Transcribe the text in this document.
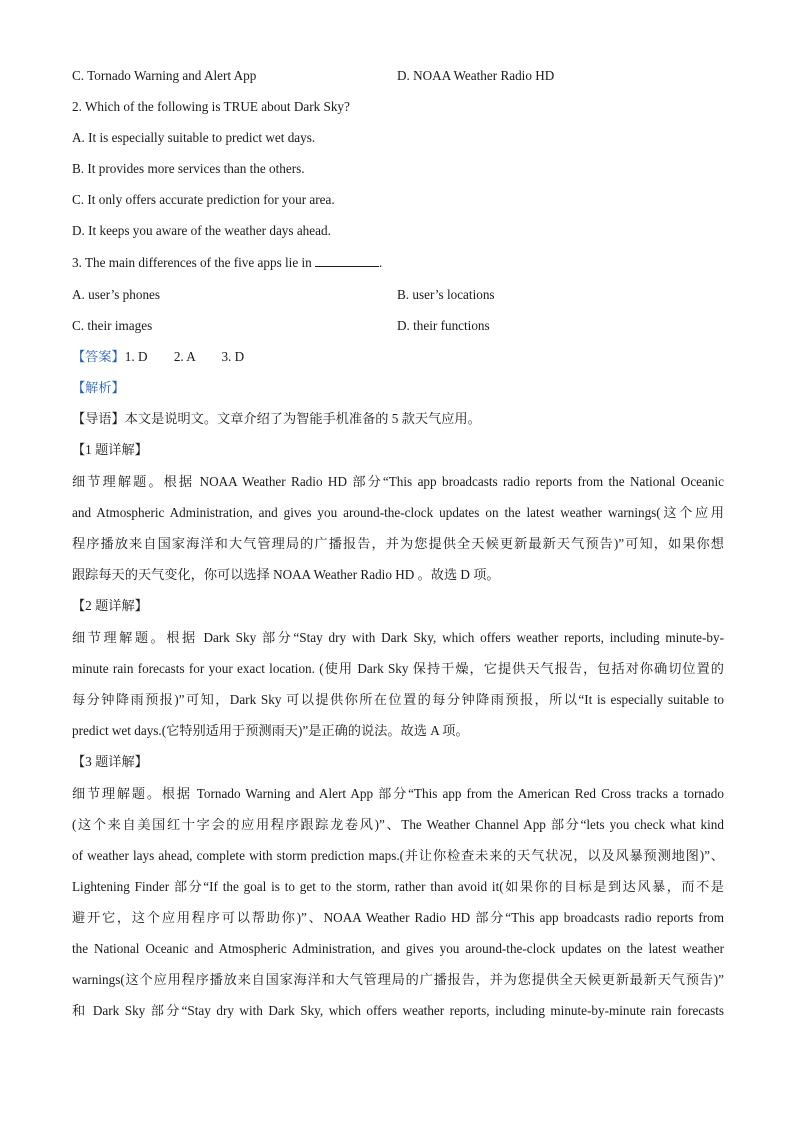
C. Tornado Warning and Alert App	D. NOAA Weather Radio HD
2. Which of the following is TRUE about Dark Sky?
A. It is especially suitable to predict wet days.
B. It provides more services than the others.
C. It only offers accurate prediction for your area.
D. It keeps you aware of the weather days ahead.
3. The main differences of the five apps lie in	.
A. user’s phones	B. user’s locations
C. their images	D. their functions
【答案】1. D        2. A        3. D
【解析】
【导语】本文是说明文。文章介绍了为智能手机准备的 5 款天气应用。
【1 题详解】
细节理解题。根据 NOAA Weather Radio HD 部分“This app broadcasts radio reports from the National Oceanic
and Atmospheric Administration, and gives you around-the-clock updates on the latest weather warnings(这个应用
程序播放来自国家海洋和大气管理局的广播报告，并为您提供全天候更新最新天气预告)”可知，如果你想
跟踪每天的天气变化，你可以选择 NOAA Weather Radio HD 。故选 D 项。
【2 题详解】
细节理解题。根据 Dark Sky 部分“Stay dry with Dark Sky, which offers weather reports, including minute-by-
minute rain forecasts for your exact location. (使用 Dark Sky 保持干燥，它提供天气报告，包括对你确切位置的
每分钟降雨预报)”可知，Dark Sky 可以提供你所在位置的每分钟降雨预报，所以“It is especially suitable to
predict wet days.(它特别适用于预测雨天)”是正确的说法。故选 A 项。
【3 题详解】
细节理解题。根据 Tornado Warning and Alert App 部分“This app from the American Red Cross tracks a tornado
(这个来自美国红十字会的应用程序跟踪龙卷风)”、The Weather Channel App 部分“lets you check what kind
of weather lays ahead, complete with storm prediction maps.(并让你检查未来的天气状况，以及风暴预测地图)”、
Lightening Finder 部分“If the goal is to get to the storm, rather than avoid it(如果你的目标是到达风暴，而不是
避开它，这个应用程序可以帮助你)”、NOAA Weather Radio HD 部分“This app broadcasts radio reports from
the National Oceanic and Atmospheric Administration, and gives you around-the-clock updates on the latest weather
warnings(这个应用程序播放来自国家海洋和大气管理局的广播报告，并为您提供全天候更新最新天气预告)”
和 Dark Sky 部分“Stay dry with Dark Sky, which offers weather reports, including minute-by-minute rain forecasts
